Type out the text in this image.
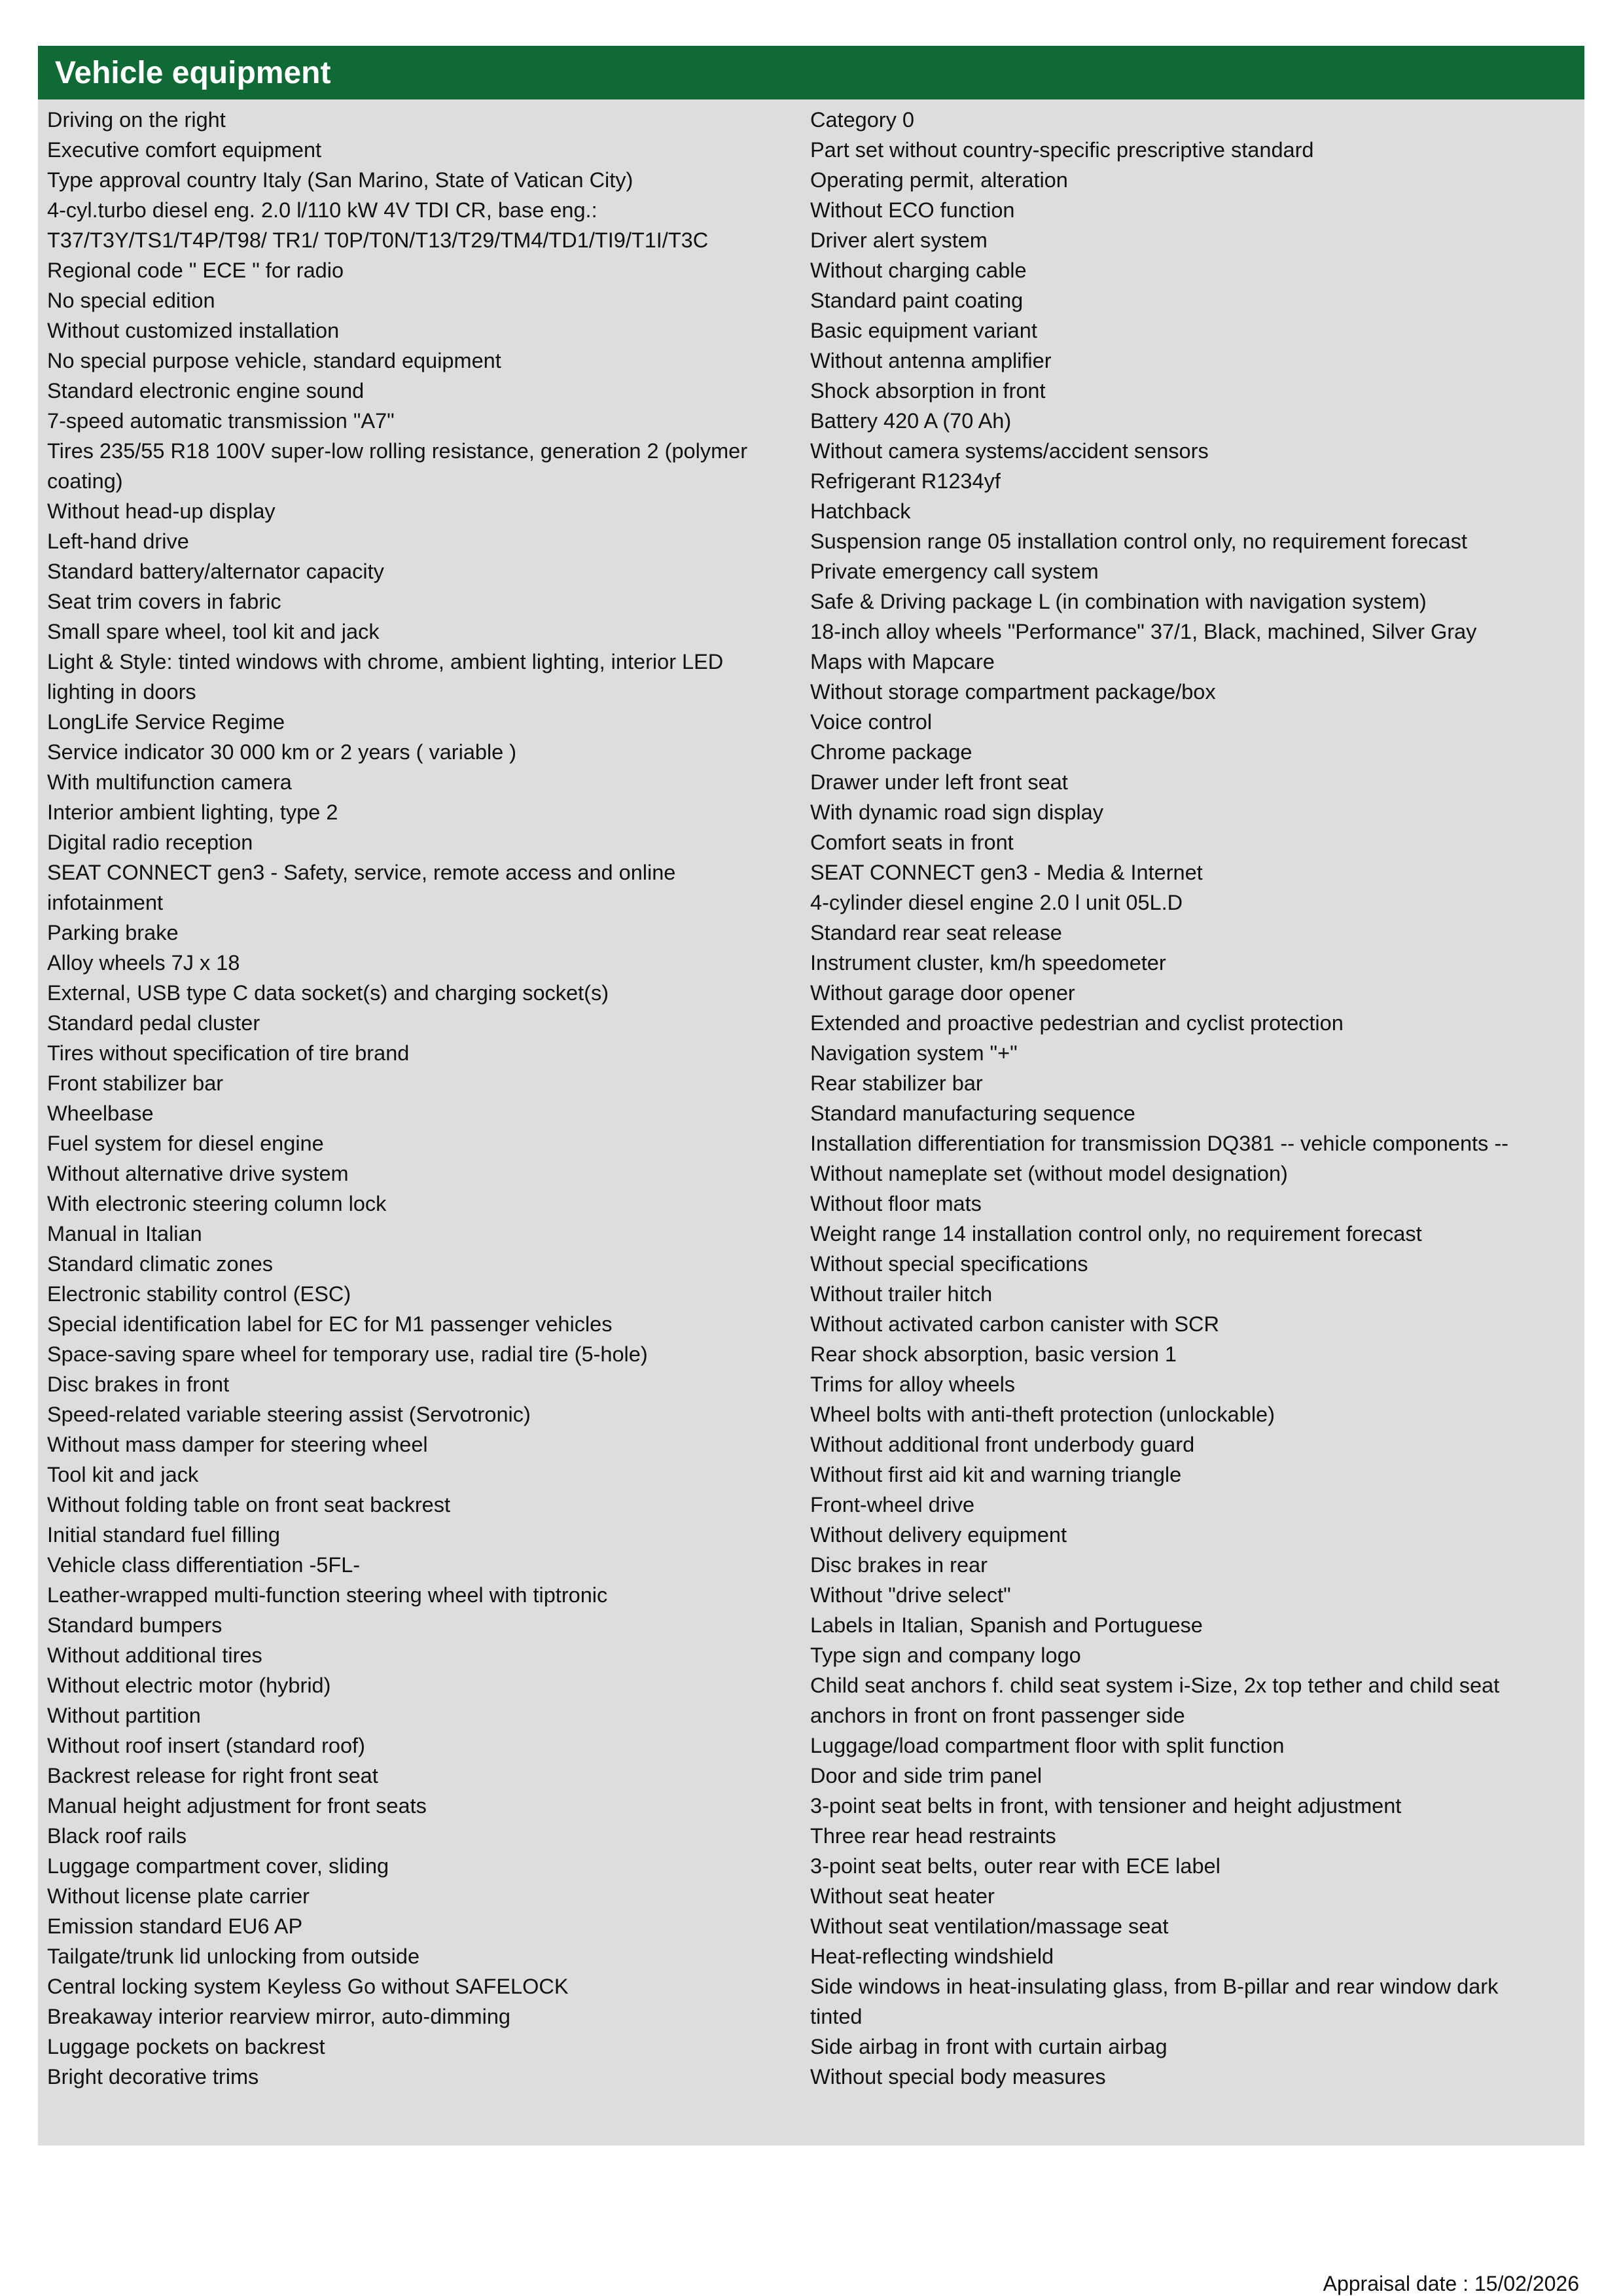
Vehicle equipment
Driving on the right
Executive comfort equipment
Type approval country Italy (San Marino, State of Vatican City)
4-cyl.turbo diesel eng. 2.0 l/110 kW 4V TDI CR, base eng.:
T37/T3Y/TS1/T4P/T98/ TR1/ T0P/T0N/T13/T29/TM4/TD1/TI9/T1I/T3C
Regional code " ECE " for radio
No special edition
Without customized installation
No special purpose vehicle, standard equipment
Standard electronic engine sound
7-speed automatic transmission "A7"
Tires 235/55 R18 100V super-low rolling resistance, generation 2 (polymer
coating)
Without head-up display
Left-hand drive
Standard battery/alternator capacity
Seat trim covers in fabric
Small spare wheel, tool kit and jack
Light & Style: tinted windows with chrome, ambient lighting, interior LED
lighting in doors
LongLife Service Regime
Service indicator 30 000 km or 2 years ( variable )
With multifunction camera
Interior ambient lighting, type 2
Digital radio reception
SEAT CONNECT gen3 - Safety, service, remote access and online
infotainment
Parking brake
Alloy wheels 7J x 18
External, USB type C data socket(s) and charging socket(s)
Standard pedal cluster
Tires without specification of tire brand
Front stabilizer bar
Wheelbase
Fuel system for diesel engine
Without alternative drive system
With electronic steering column lock
Manual in Italian
Standard climatic zones
Electronic stability control (ESC)
Special identification label for EC for M1 passenger vehicles
Space-saving spare wheel for temporary use, radial tire (5-hole)
Disc brakes in front
Speed-related variable steering assist (Servotronic)
Without mass damper for steering wheel
Tool kit and jack
Without folding table on front seat backrest
Initial standard fuel filling
Vehicle class differentiation -5FL-
Leather-wrapped multi-function steering wheel with tiptronic
Standard bumpers
Without additional tires
Without electric motor (hybrid)
Without partition
Without roof insert (standard roof)
Backrest release for right front seat
Manual height adjustment for front seats
Black roof rails
Luggage compartment cover, sliding
Without license plate carrier
Emission standard EU6 AP
Tailgate/trunk lid unlocking from outside
Central locking system Keyless Go without SAFELOCK
Breakaway interior rearview mirror, auto-dimming
Luggage pockets on backrest
Bright decorative trims
Category 0
Part set without country-specific prescriptive standard
Operating permit, alteration
Without ECO function
Driver alert system
Without charging cable
Standard paint coating
Basic equipment variant
Without antenna amplifier
Shock absorption in front
Battery 420 A (70 Ah)
Without camera systems/accident sensors
Refrigerant R1234yf
Hatchback
Suspension range 05 installation control only, no requirement forecast
Private emergency call system
Safe & Driving package L (in combination with navigation system)
18-inch alloy wheels "Performance" 37/1, Black, machined, Silver Gray
Maps with Mapcare
Without storage compartment package/box
Voice control
Chrome package
Drawer under left front seat
With dynamic road sign display
Comfort seats in front
SEAT CONNECT gen3 - Media & Internet
4-cylinder diesel engine 2.0 l unit 05L.D
Standard rear seat release
Instrument cluster, km/h speedometer
Without garage door opener
Extended and proactive pedestrian and cyclist protection
Navigation system "+"
Rear stabilizer bar
Standard manufacturing sequence
Installation differentiation for transmission DQ381 -- vehicle components --
Without nameplate set (without model designation)
Without floor mats
Weight range 14 installation control only, no requirement forecast
Without special specifications
Without trailer hitch
Without activated carbon canister with SCR
Rear shock absorption, basic version 1
Trims for alloy wheels
Wheel bolts with anti-theft protection (unlockable)
Without additional front underbody guard
Without first aid kit and warning triangle
Front-wheel drive
Without delivery equipment
Disc brakes in rear
Without "drive select"
Labels in Italian, Spanish and Portuguese
Type sign and company logo
Child seat anchors f. child seat system i-Size, 2x top tether and child seat
anchors in front on front passenger side
Luggage/load compartment floor with split function
Door and side trim panel
3-point seat belts in front, with tensioner and height adjustment
Three rear head restraints
3-point seat belts, outer rear with ECE label
Without seat heater
Without seat ventilation/massage seat
Heat-reflecting windshield
Side windows in heat-insulating glass, from B-pillar and rear window dark
tinted
Side airbag in front with curtain airbag
Without special body measures
Appraisal date : 15/02/2026
